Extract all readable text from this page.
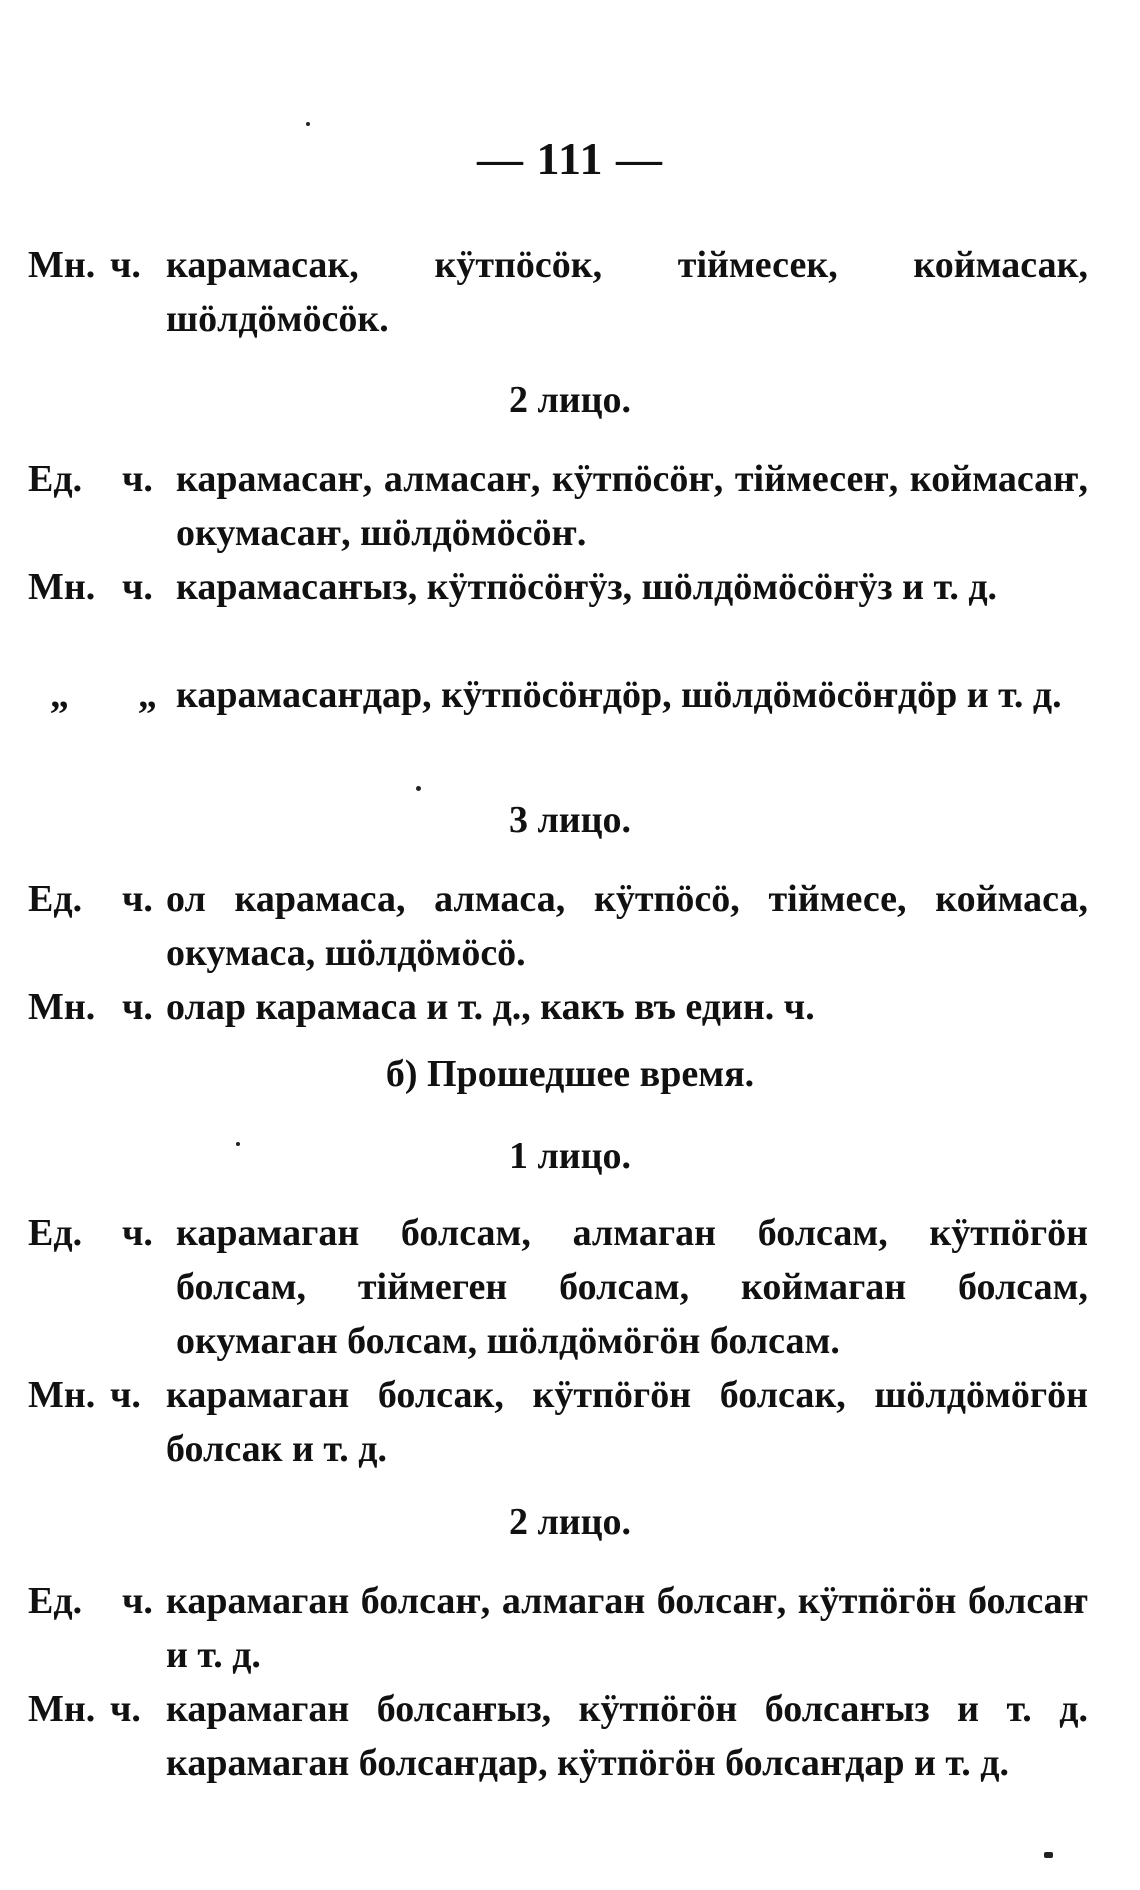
— 111 —
Мн. ч. карамасак, кӱтпӧсӧк, тіймесек, коймасак, шӧлдӧмӧсӧк.
2 лицо.
Ед. ч. карамасаҥ, алмасаҥ, кӱтпӧсӧҥ, тіймесеҥ, коймасаҥ, окумасаҥ, шӧлдӧмӧсӧҥ.
Мн. ч. карамасаҥыз, кӱтпӧсӧҥӱз, шӧлдӧмӧсӧҥӱз и т. д.
„ „ карамасаҥдар, кӱтпӧсӧҥдӧр, шӧлдӧмӧсӧҥдӧр и т. д.
3 лицо.
Ед. ч. ол карамаса, алмаса, кӱтпӧсӧ, тіймесе, коймаса, окумаса, шӧлдӧмӧсӧ.
Мн. ч. олар карамаса и т. д., какъ въ един. ч.
б) Прошедшее время.
1 лицо.
Ед. ч. карамаган болсам, алмаган болсам, кӱтпӧгӧн болсам, тіймеген болсам, коймаган болсам, окумаган болсам, шӧлдӧмӧгӧн болсам.
Мн. ч. карамаган болсак, кӱтпӧгӧн болсак, шӧлдӧмӧгӧн болсак и т. д.
2 лицо.
Ед. ч. карамаган болсаҥ, алмаган болсаҥ, кӱтпӧгӧн болсаҥ и т. д.
Мн. ч. карамаган болсаҥыз, кӱтпӧгӧн болсаҥыз и т. д. карамаган болсаҥдар, кӱтпӧгӧн болсаҥдар и т. д.
